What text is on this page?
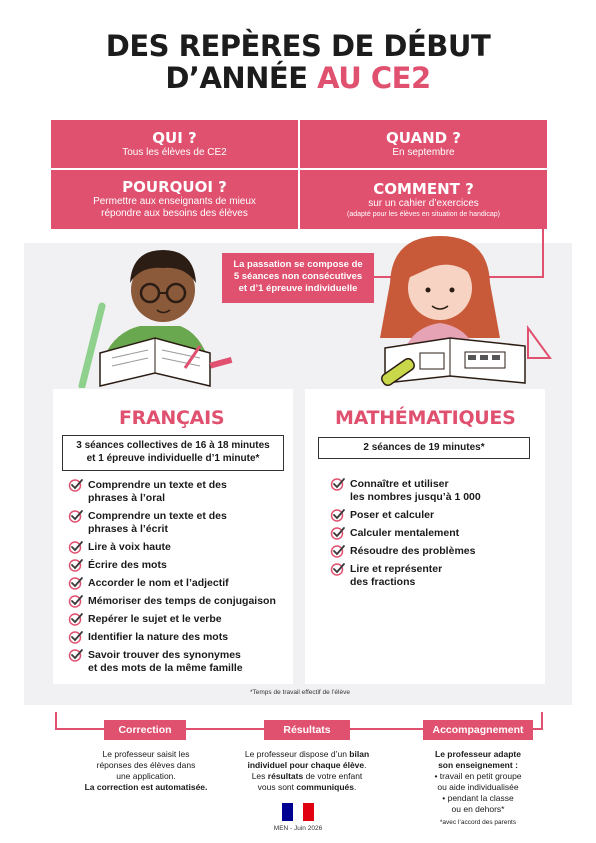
DES REPÈRES DE DÉBUT
D’ANNÉE AU CE2
QUI ?

Tous les élèves de CE2

QUAND ?

En septembre

POURQUOI ?

Permettre aux enseignants de mieux

répondre aux besoins des élèves

COMMENT ?

sur un cahier d’exercices

(adapté pour les élèves en situation de handicap)

La passation se compose de
5 séances non consécutives
et d’1 épreuve individuelle
FRANÇAIS
3 séances collectives de 16 à 18 minutes
et 1 épreuve individuelle d’1 minute*
Comprendre un texte et des
phrases à l’oral
Comprendre un texte et des
phrases à l’écrit
Lire à voix haute
Écrire des mots
Accorder le nom et l’adjectif
Mémoriser des temps de conjugaison
Repérer le sujet et le verbe
Identifier la nature des mots
Savoir trouver des synonymes
et des mots de la même famille
MATHÉMATIQUES
2 séances de 19 minutes*
Connaître et utiliser
les nombres jusqu’à 1 000
Poser et calculer
Calculer mentalement
Résoudre des problèmes
Lire et représenter
des fractions
*Temps de travail effectif de l’élève
Correction
Le professeur saisit les
réponses des élèves dans
une application.
La correction est automatisée.
Résultats
Le professeur dispose d’un bilan
individuel pour chaque élève.
Les résultats de votre enfant
vous sont communiqués.
Accompagnement
Le professeur adapte
son enseignement :
• travail en petit groupe
ou aide individualisée
• pendant la classe
ou en dehors*
*avec l’accord des parents
MEN - Juin 2026
